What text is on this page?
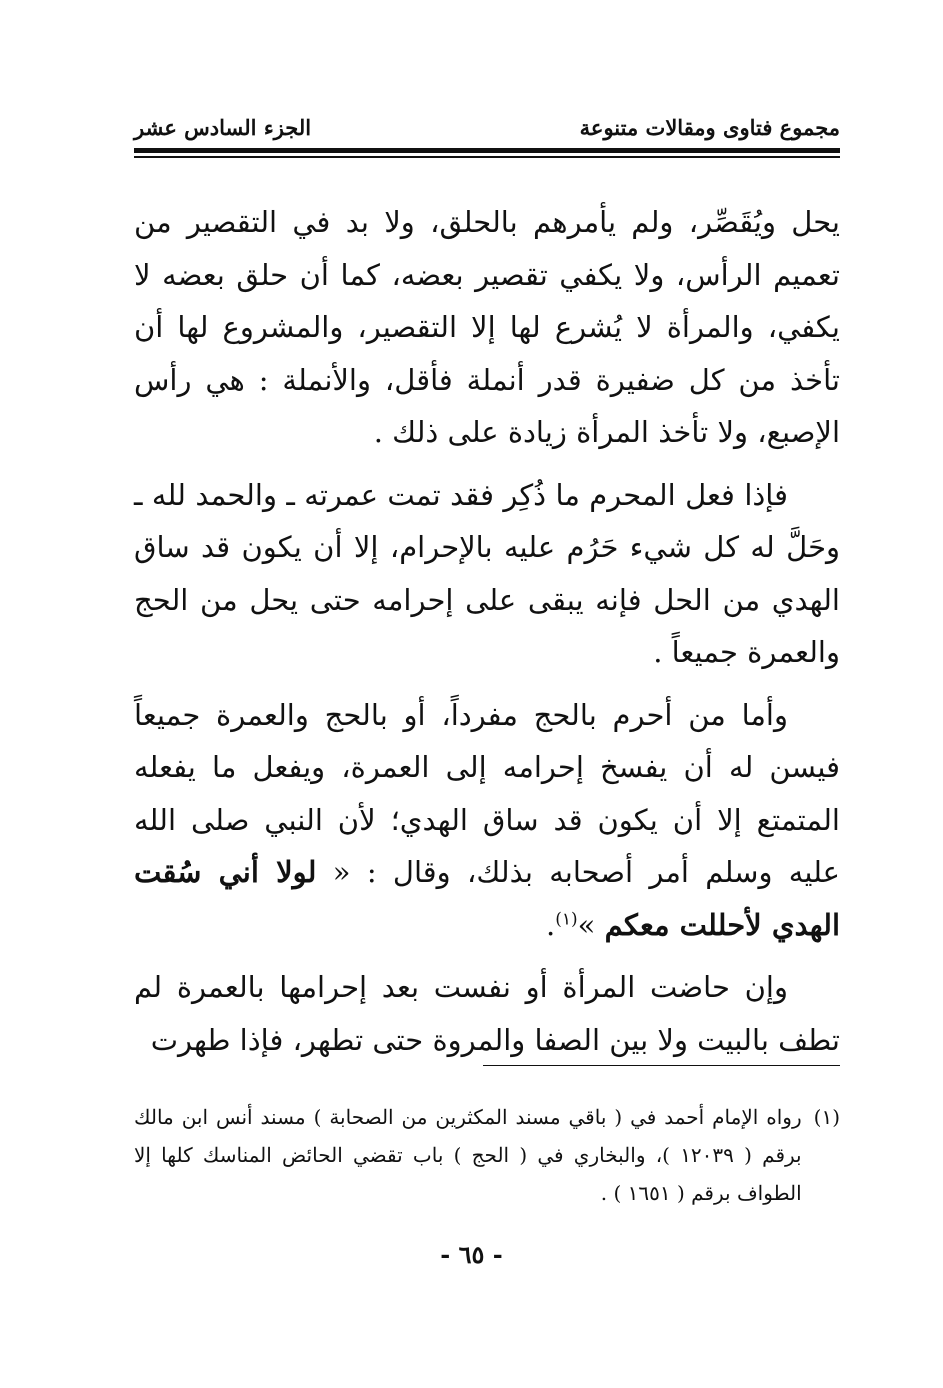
مجموع فتاوى ومقالات متنوعة
الجزء السادس عشر

يحل ويُقَصِّر، ولم يأمرهم بالحلق، ولا بد في التقصير من تعميم الرأس، ولا يكفي تقصير بعضه، كما أن حلق بعضه لا يكفي، والمرأة لا يُشرع لها إلا التقصير، والمشروع لها أن تأخذ من كل ضفيرة قدر أنملة فأقل، والأنملة : هي رأس الإصبع، ولا تأخذ المرأة زيادة على ذلك .

فإذا فعل المحرم ما ذُكِر فقد تمت عمرته ـ والحمد لله ـ وحَلَّ له كل شيء حَرُم عليه بالإحرام، إلا أن يكون قد ساق الهدي من الحل فإنه يبقى على إحرامه حتى يحل من الحج والعمرة جميعاً .

وأما من أحرم بالحج مفرداً، أو بالحج والعمرة جميعاً فيسن له أن يفسخ إحرامه إلى العمرة، ويفعل ما يفعله المتمتع إلا أن يكون قد ساق الهدي؛ لأن النبي صلى الله عليه وسلم أمر أصحابه بذلك، وقال : « لولا أني سُقت الهدي لأحللت معكم »$^{(١)}$.

وإن حاضت المرأة أو نفست بعد إحرامها بالعمرة لم تطف بالبيت ولا بين الصفا والمروة حتى تطهر، فإذا طهرت

(١)
رواه الإمام أحمد في ( باقي مسند المكثرين من الصحابة ) مسند أنس ابن مالك برقم ( ١٢٠٣٩ )، والبخاري في ( الحج ) باب تقضي الحائض المناسك كلها إلا الطواف برقم ( ١٦٥١ ) .
- ٦٥ -
